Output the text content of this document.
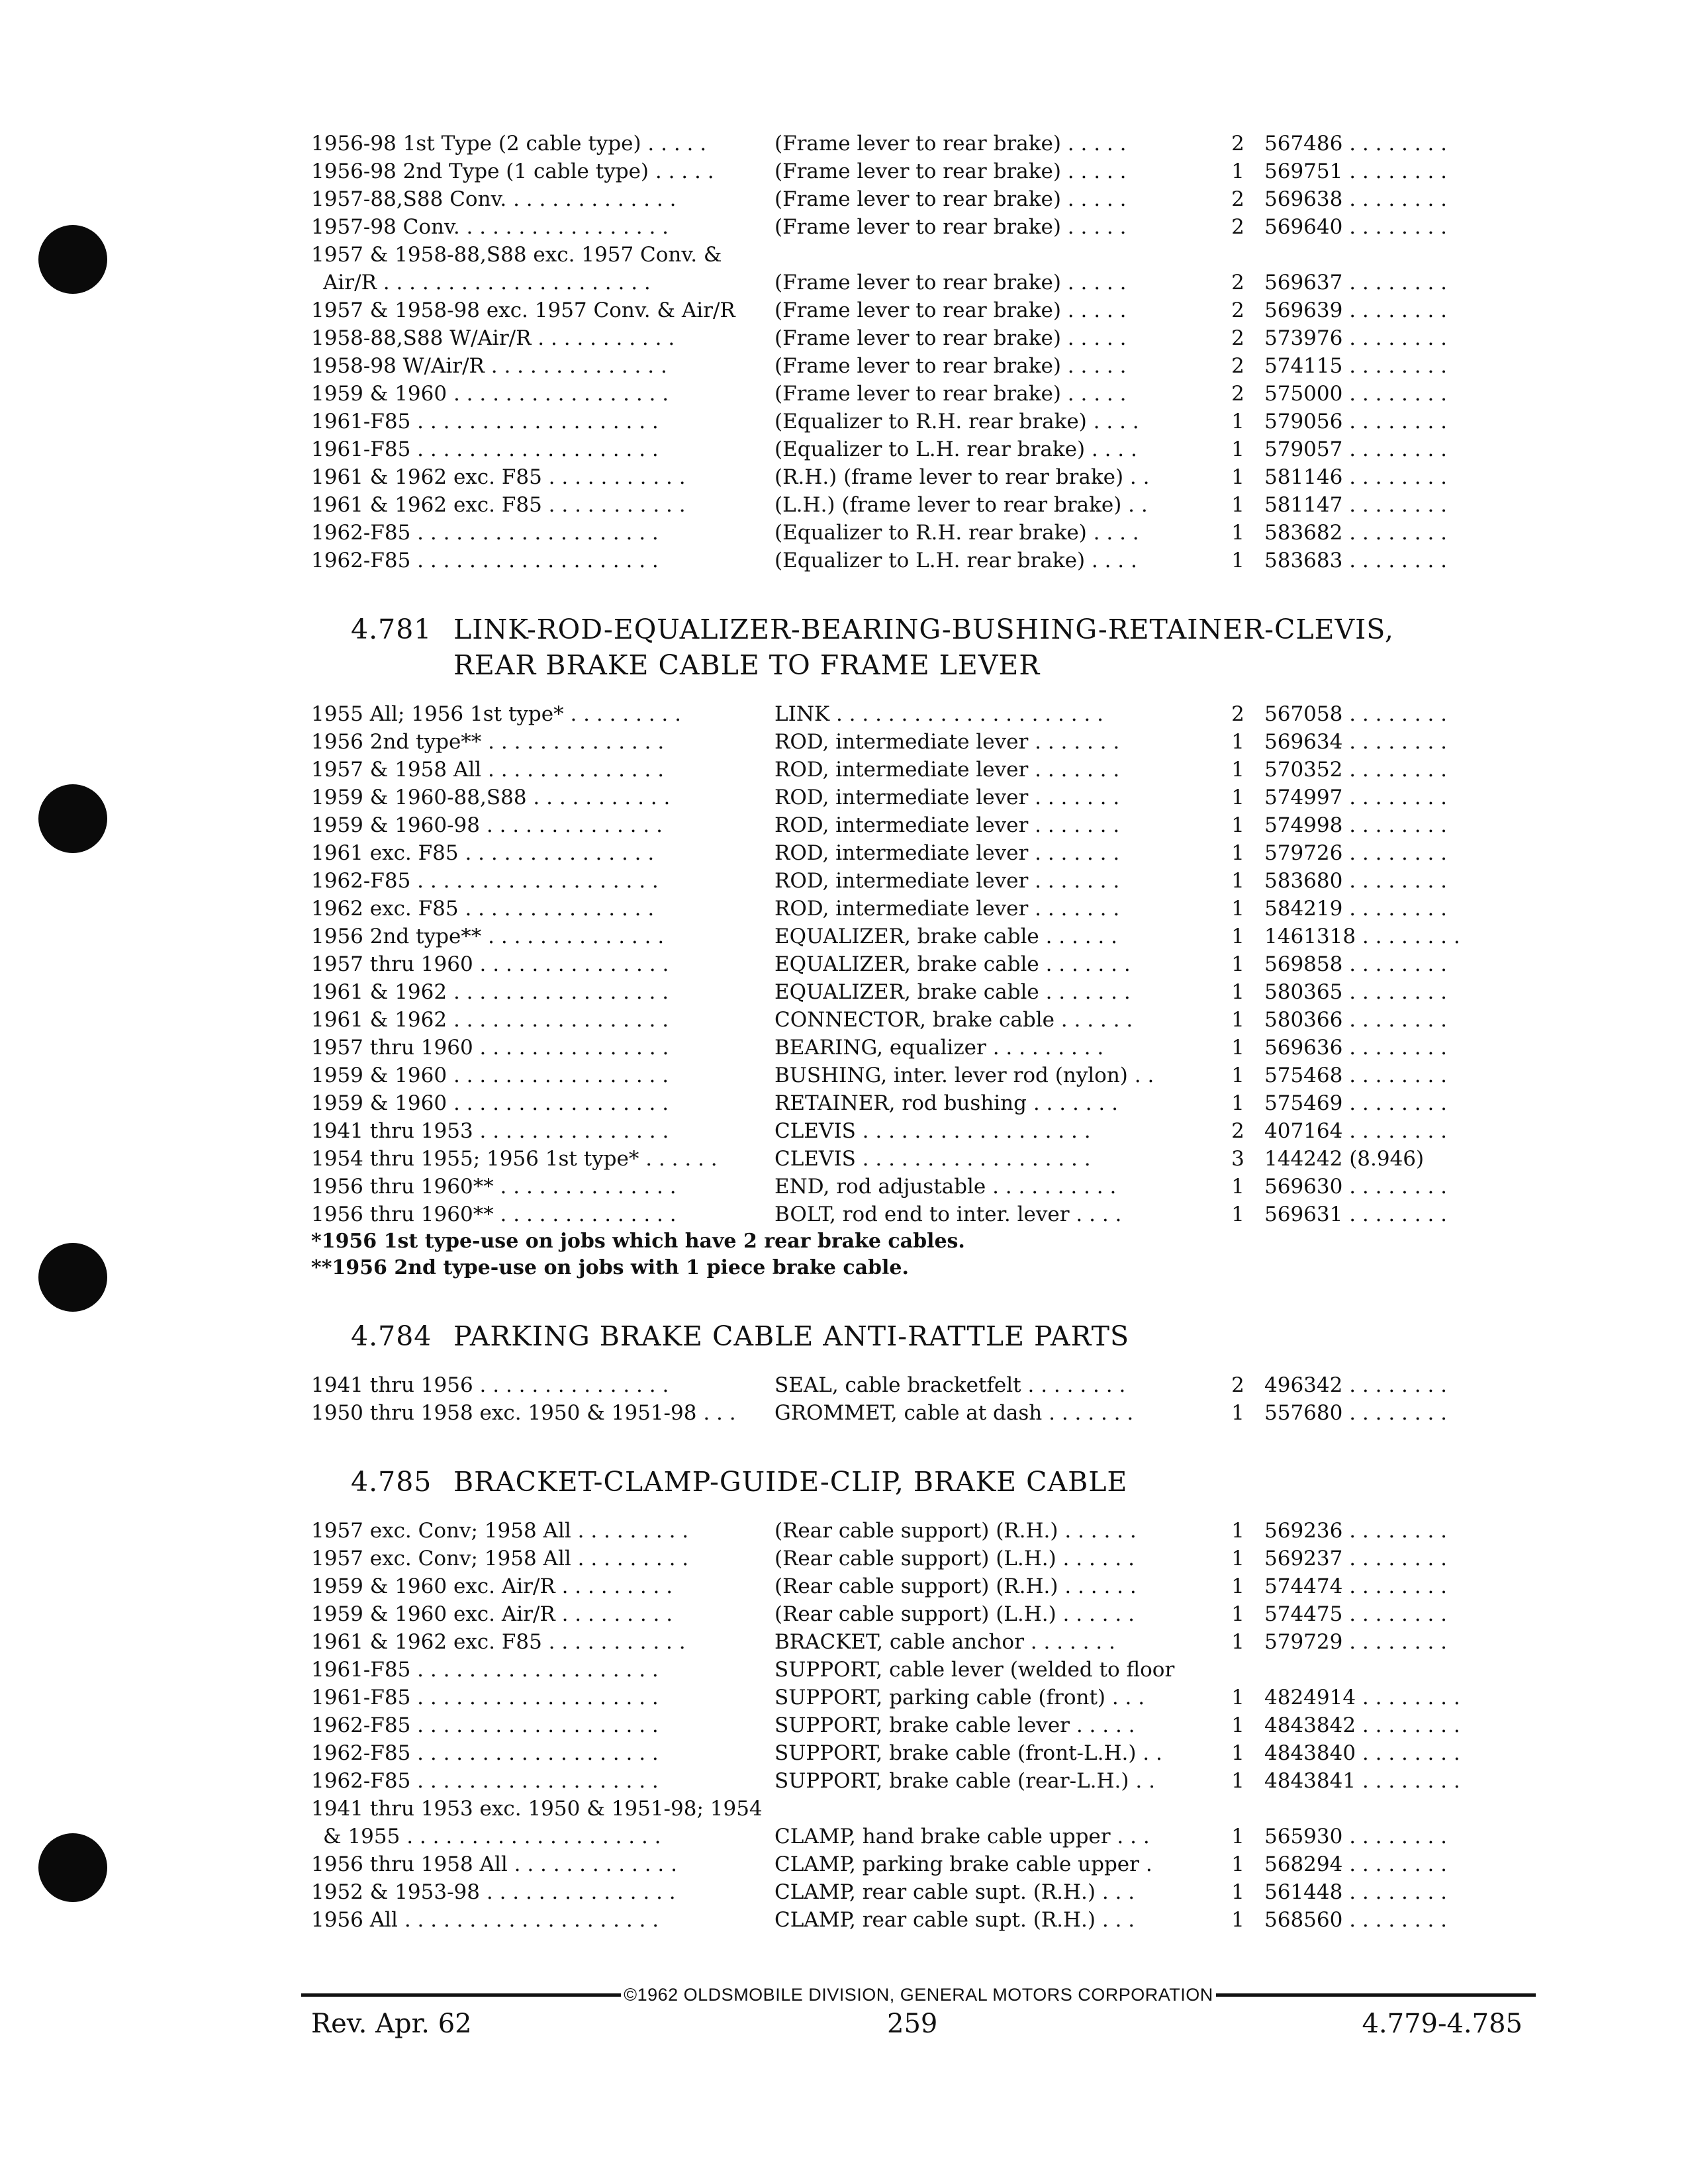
1956-98 1st Type (2 cable type) . . . . .	(Frame lever to rear brake) . . . . .	2 567486 . . . . . . . .
1956-98 2nd Type (1 cable type) . . . . .	(Frame lever to rear brake) . . . . .	1 569751 . . . . . . . .
1957-88,S88 Conv. . . . . . . . . . . . . .	(Frame lever to rear brake) . . . . .	2 569638 . . . . . . . .
1957-98 Conv. . . . . . . . . . . . . . . . .	(Frame lever to rear brake) . . . . .	2 569640 . . . . . . . .
1957 & 1958-88,S88 exc. 1957 Conv. &
Air/R . . . . . . . . . . . . . . . . . . . . .	(Frame lever to rear brake) . . . . .	2 569637 . . . . . . . .
1957 & 1958-98 exc. 1957 Conv. & Air/R	(Frame lever to rear brake) . . . . .	2 569639 . . . . . . . .
1958-88,S88 W/Air/R . . . . . . . . . . .	(Frame lever to rear brake) . . . . .	2 573976 . . . . . . . .
1958-98 W/Air/R . . . . . . . . . . . . . .	(Frame lever to rear brake) . . . . .	2 574115 . . . . . . . .
1959 & 1960 . . . . . . . . . . . . . . . . .	(Frame lever to rear brake) . . . . .	2 575000 . . . . . . . .
1961-F85 . . . . . . . . . . . . . . . . . . .	(Equalizer to R.H. rear brake) . . . .	1 579056 . . . . . . . .
1961-F85 . . . . . . . . . . . . . . . . . . .	(Equalizer to L.H. rear brake) . . . .	1 579057 . . . . . . . .
1961 & 1962 exc. F85 . . . . . . . . . . .	(R.H.) (frame lever to rear brake) . .	1 581146 . . . . . . . .
1961 & 1962 exc. F85 . . . . . . . . . . .	(L.H.) (frame lever to rear brake) . .	1 581147 . . . . . . . .
1962-F85 . . . . . . . . . . . . . . . . . . .	(Equalizer to R.H. rear brake) . . . .	1 583682 . . . . . . . .
1962-F85 . . . . . . . . . . . . . . . . . . .	(Equalizer to L.H. rear brake) . . . .	1 583683 . . . . . . . .
4.781 LINK-ROD-EQUALIZER-BEARING-BUSHING-RETAINER-CLEVIS,
REAR BRAKE CABLE TO FRAME LEVER
1955 All; 1956 1st type* . . . . . . . . .	LINK . . . . . . . . . . . . . . . . . . . . .	2 567058 . . . . . . . .
1956 2nd type** . . . . . . . . . . . . . .	ROD, intermediate lever . . . . . . .	1 569634 . . . . . . . .
1957 & 1958 All . . . . . . . . . . . . . .	ROD, intermediate lever . . . . . . .	1 570352 . . . . . . . .
1959 & 1960-88,S88 . . . . . . . . . . .	ROD, intermediate lever . . . . . . .	1 574997 . . . . . . . .
1959 & 1960-98 . . . . . . . . . . . . . .	ROD, intermediate lever . . . . . . .	1 574998 . . . . . . . .
1961 exc. F85 . . . . . . . . . . . . . . .	ROD, intermediate lever . . . . . . .	1 579726 . . . . . . . .
1962-F85 . . . . . . . . . . . . . . . . . . .	ROD, intermediate lever . . . . . . .	1 583680 . . . . . . . .
1962 exc. F85 . . . . . . . . . . . . . . .	ROD, intermediate lever . . . . . . .	1 584219 . . . . . . . .
1956 2nd type** . . . . . . . . . . . . . .	EQUALIZER, brake cable . . . . . .	1 1461318 . . . . . . . .
1957 thru 1960 . . . . . . . . . . . . . . .	EQUALIZER, brake cable . . . . . . .	1 569858 . . . . . . . .
1961 & 1962 . . . . . . . . . . . . . . . . .	EQUALIZER, brake cable . . . . . . .	1 580365 . . . . . . . .
1961 & 1962 . . . . . . . . . . . . . . . . .	CONNECTOR, brake cable . . . . . .	1 580366 . . . . . . . .
1957 thru 1960 . . . . . . . . . . . . . . .	BEARING, equalizer . . . . . . . . .	1 569636 . . . . . . . .
1959 & 1960 . . . . . . . . . . . . . . . . .	BUSHING, inter. lever rod (nylon) . .	1 575468 . . . . . . . .
1959 & 1960 . . . . . . . . . . . . . . . . .	RETAINER, rod bushing . . . . . . .	1 575469 . . . . . . . .
1941 thru 1953 . . . . . . . . . . . . . . .	CLEVIS . . . . . . . . . . . . . . . . . .	2 407164 . . . . . . . .
1954 thru 1955; 1956 1st type* . . . . . .	CLEVIS . . . . . . . . . . . . . . . . . .	3 144242 (8.946)
1956 thru 1960** . . . . . . . . . . . . . .	END, rod adjustable . . . . . . . . . .	1 569630 . . . . . . . .
1956 thru 1960** . . . . . . . . . . . . . .	BOLT, rod end to inter. lever . . . .	1 569631 . . . . . . . .
*1956 1st type-use on jobs which have 2 rear brake cables.
**1956 2nd type-use on jobs with 1 piece brake cable.
4.784 PARKING BRAKE CABLE ANTI-RATTLE PARTS
1941 thru 1956 . . . . . . . . . . . . . . .	SEAL, cable bracketfelt . . . . . . . .	2 496342 . . . . . . . .
1950 thru 1958 exc. 1950 & 1951-98 . . .	GROMMET, cable at dash . . . . . . .	1 557680 . . . . . . . .
4.785 BRACKET-CLAMP-GUIDE-CLIP, BRAKE CABLE
1957 exc. Conv; 1958 All . . . . . . . . .	(Rear cable support) (R.H.) . . . . . .	1 569236 . . . . . . . .
1957 exc. Conv; 1958 All . . . . . . . . .	(Rear cable support) (L.H.) . . . . . .	1 569237 . . . . . . . .
1959 & 1960 exc. Air/R . . . . . . . . .	(Rear cable support) (R.H.) . . . . . .	1 574474 . . . . . . . .
1959 & 1960 exc. Air/R . . . . . . . . .	(Rear cable support) (L.H.) . . . . . .	1 574475 . . . . . . . .
1961 & 1962 exc. F85 . . . . . . . . . . .	BRACKET, cable anchor . . . . . . .	1 579729 . . . . . . . .
1961-F85 . . . . . . . . . . . . . . . . . . .	SUPPORT, cable lever (welded to floor
1961-F85 . . . . . . . . . . . . . . . . . . .	SUPPORT, parking cable (front) . . .	1 4824914 . . . . . . . .
1962-F85 . . . . . . . . . . . . . . . . . . .	SUPPORT, brake cable lever . . . . .	1 4843842 . . . . . . . .
1962-F85 . . . . . . . . . . . . . . . . . . .	SUPPORT, brake cable (front-L.H.) . .	1 4843840 . . . . . . . .
1962-F85 . . . . . . . . . . . . . . . . . . .	SUPPORT, brake cable (rear-L.H.) . .	1 4843841 . . . . . . . .
1941 thru 1953 exc. 1950 & 1951-98; 1954
& 1955 . . . . . . . . . . . . . . . . . . . .	CLAMP, hand brake cable upper . . .	1 565930 . . . . . . . .
1956 thru 1958 All . . . . . . . . . . . . .	CLAMP, parking brake cable upper .	1 568294 . . . . . . . .
1952 & 1953-98 . . . . . . . . . . . . . . .	CLAMP, rear cable supt. (R.H.) . . .	1 561448 . . . . . . . .
1956 All . . . . . . . . . . . . . . . . . . . .	CLAMP, rear cable supt. (R.H.) . . .	1 568560 . . . . . . . .
©1962 OLDSMOBILE DIVISION, GENERAL MOTORS CORPORATION
Rev. Apr. 62	259	4.779-4.785
